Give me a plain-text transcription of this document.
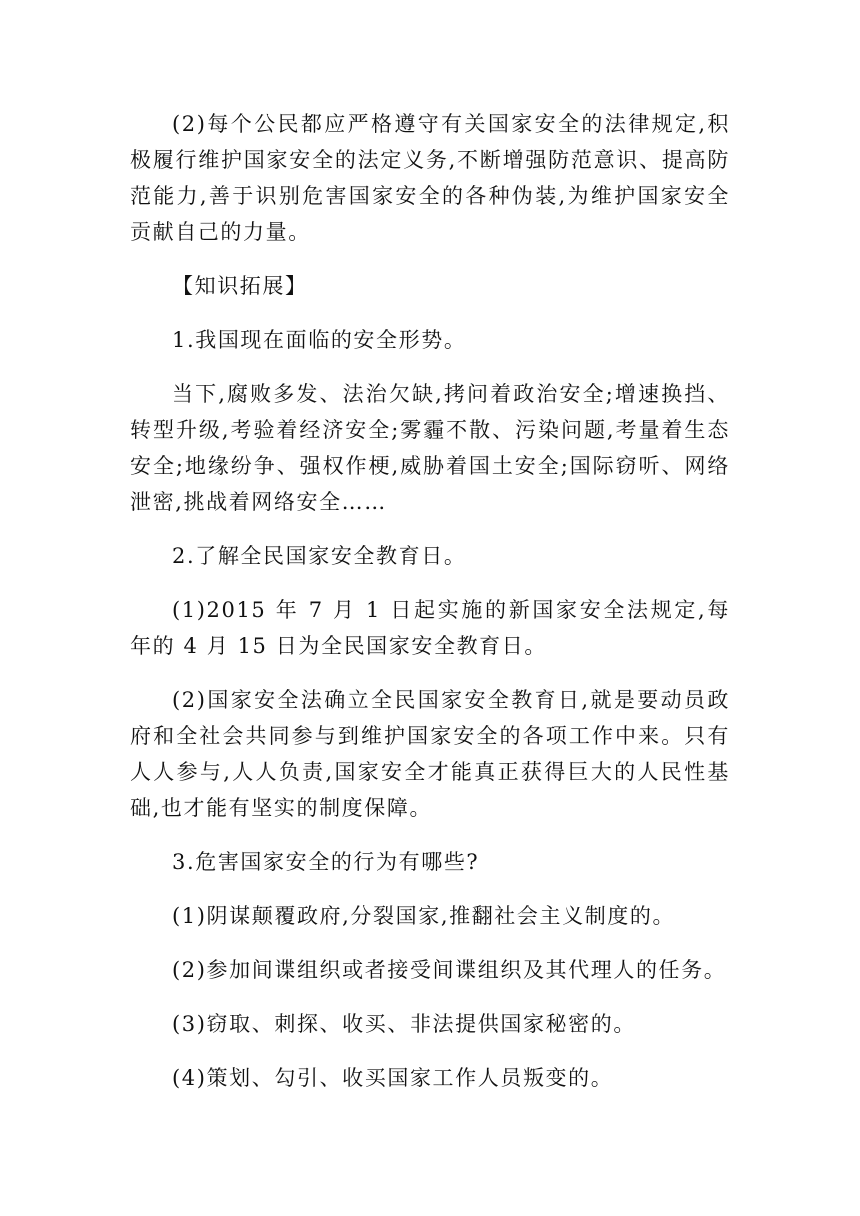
(2)每个公民都应严格遵守有关国家安全的法律规定,积极履行维护国家安全的法定义务,不断增强防范意识、提高防范能力,善于识别危害国家安全的各种伪装,为维护国家安全贡献自己的力量。

【知识拓展】

1.我国现在面临的安全形势。

当下,腐败多发、法治欠缺,拷问着政治安全;增速换挡、转型升级,考验着经济安全;雾霾不散、污染问题,考量着生态安全;地缘纷争、强权作梗,威胁着国土安全;国际窃听、网络泄密,挑战着网络安全……

2.了解全民国家安全教育日。

(1)2015 年 7 月 1 日起实施的新国家安全法规定,每年的 4 月 15 日为全民国家安全教育日。

(2)国家安全法确立全民国家安全教育日,就是要动员政府和全社会共同参与到维护国家安全的各项工作中来。只有人人参与,人人负责,国家安全才能真正获得巨大的人民性基础,也才能有坚实的制度保障。

3.危害国家安全的行为有哪些?

(1)阴谋颠覆政府,分裂国家,推翻社会主义制度的。

(2)参加间谍组织或者接受间谍组织及其代理人的任务。

(3)窃取、刺探、收买、非法提供国家秘密的。

(4)策划、勾引、收买国家工作人员叛变的。
